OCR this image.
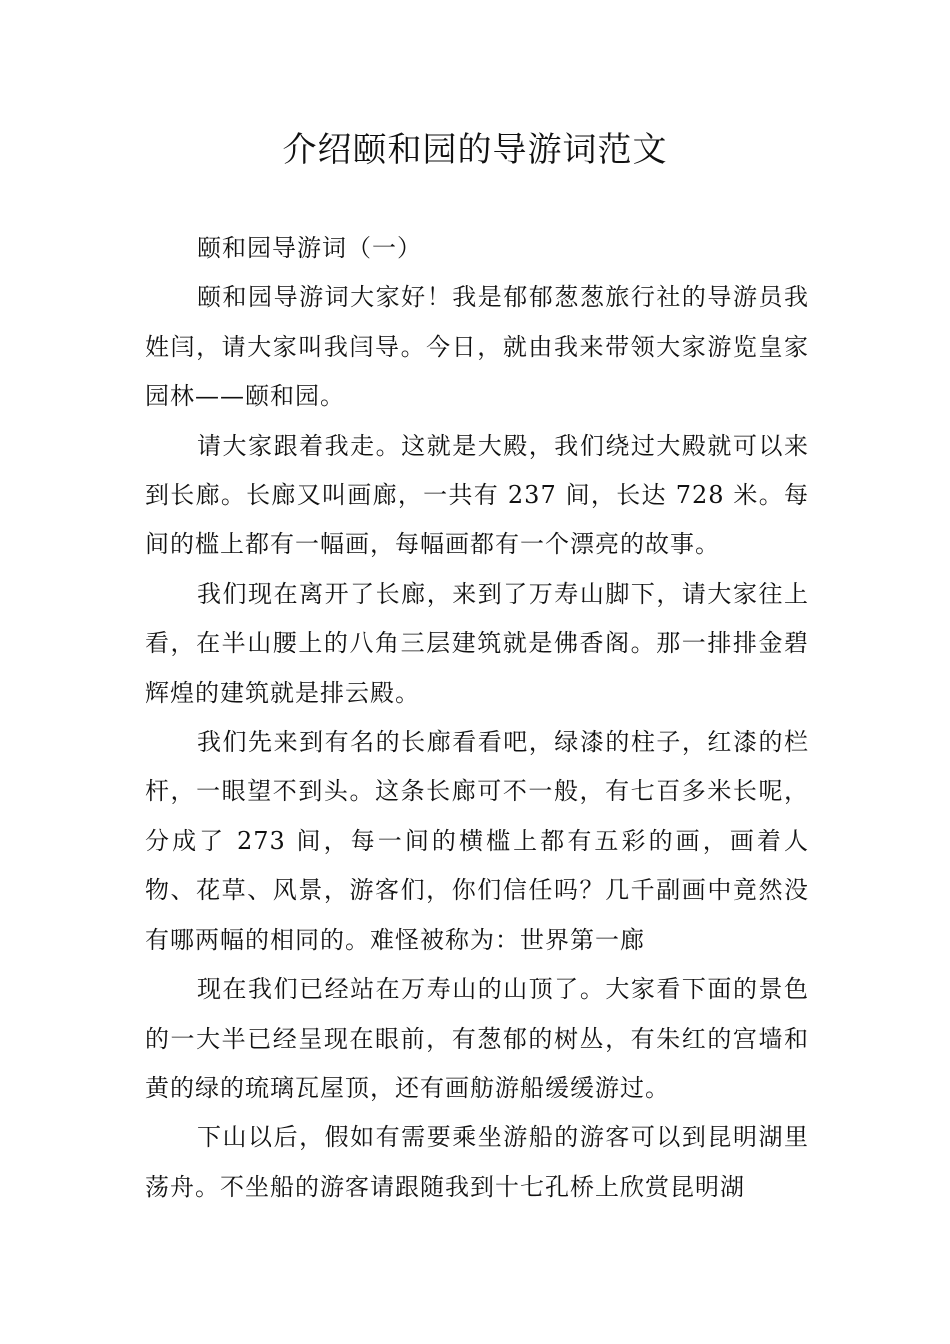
介绍颐和园的导游词范文

颐和园导游词（一）

颐和园导游词大家好！我是郁郁葱葱旅行社的导游员我姓闫，请大家叫我闫导。今日，就由我来带领大家游览皇家园林——颐和园。

请大家跟着我走。这就是大殿，我们绕过大殿就可以来到长廊。长廊又叫画廊，一共有 237 间，长达 728 米。每间的槛上都有一幅画，每幅画都有一个漂亮的故事。

我们现在离开了长廊，来到了万寿山脚下，请大家往上看，在半山腰上的八角三层建筑就是佛香阁。那一排排金碧辉煌的建筑就是排云殿。

我们先来到有名的长廊看看吧，绿漆的柱子，红漆的栏杆，一眼望不到头。这条长廊可不一般，有七百多米长呢，分成了 273 间，每一间的横槛上都有五彩的画，画着人物、花草、风景，游客们，你们信任吗？几千副画中竟然没有哪两幅的相同的。难怪被称为：世界第一廊

现在我们已经站在万寿山的山顶了。大家看下面的景色的一大半已经呈现在眼前，有葱郁的树丛，有朱红的宫墙和黄的绿的琉璃瓦屋顶，还有画舫游船缓缓游过。

下山以后，假如有需要乘坐游船的游客可以到昆明湖里荡舟。不坐船的游客请跟随我到十七孔桥上欣赏昆明湖
